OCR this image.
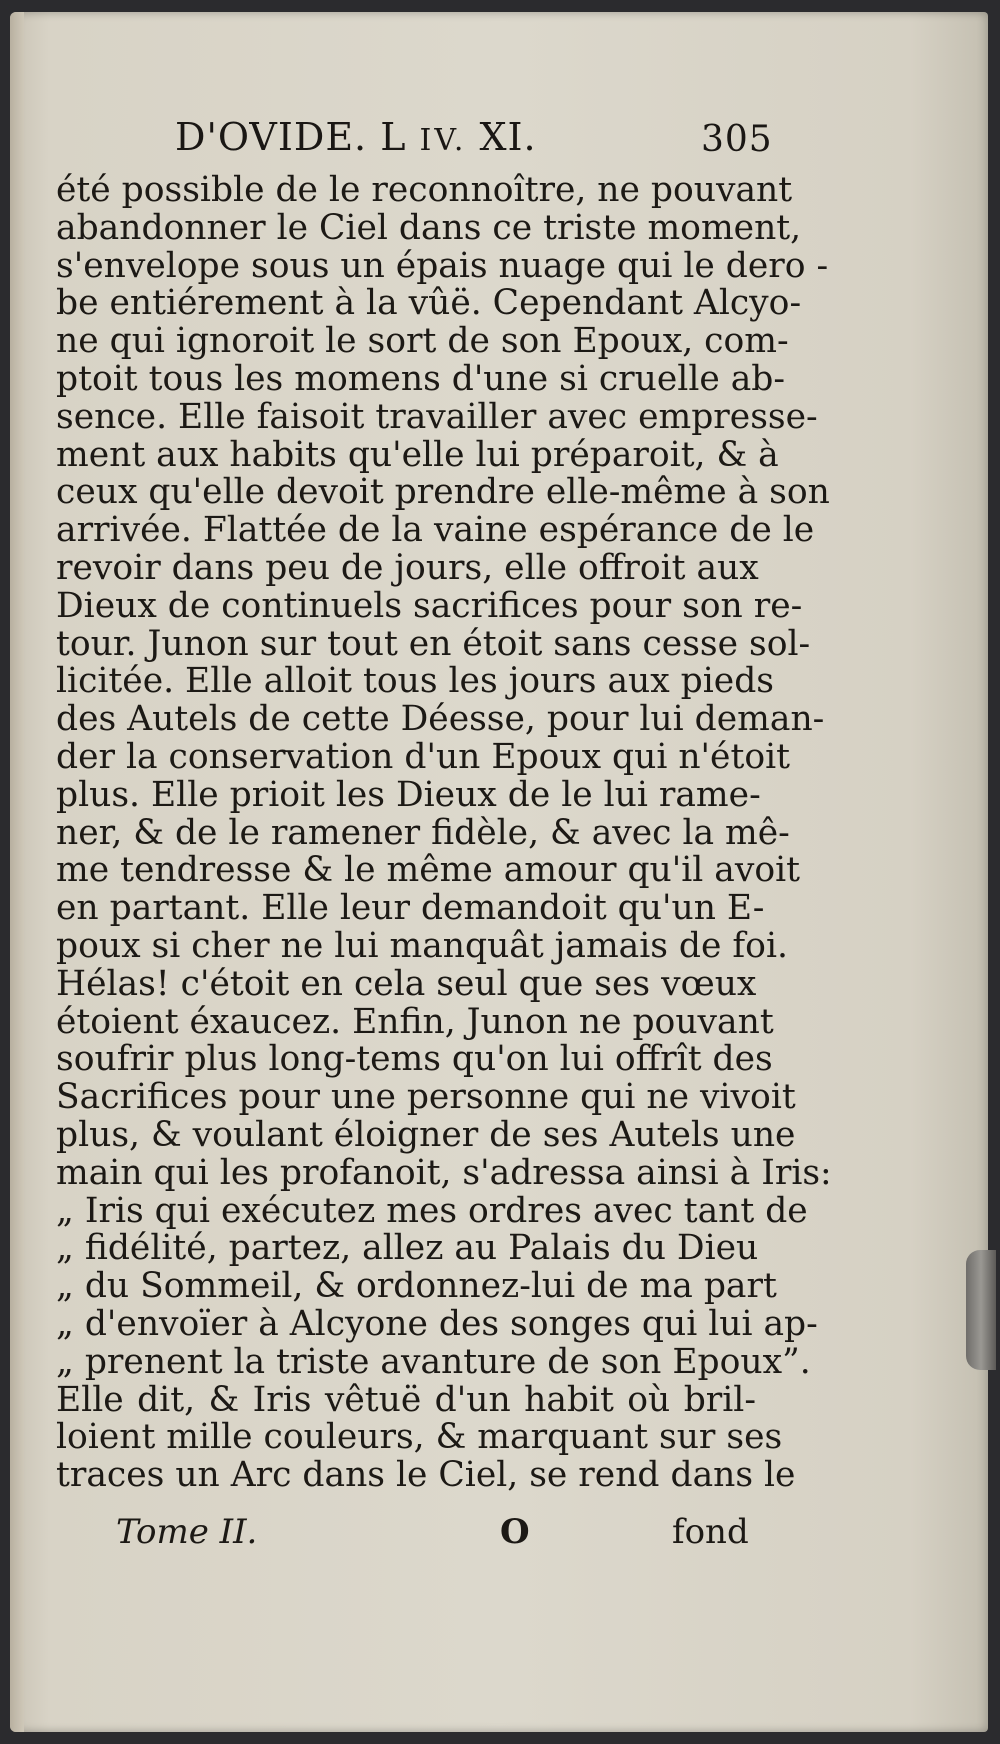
D'OVIDE. L IV. XI.	305
été possible de le reconnoître, ne pouvant
abandonner le Ciel dans ce triste moment,
s'envelope sous un épais nuage qui le dero -
be entiérement à la vûë. Cependant Alcyo-
ne qui ignoroit le sort de son Epoux, com-
ptoit tous les momens d'une si cruelle ab-
sence. Elle faisoit travailler avec empresse-
ment aux habits qu'elle lui préparoit, & à
ceux qu'elle devoit prendre elle-même à son
arrivée. Flattée de la vaine espérance de le
revoir dans peu de jours, elle offroit aux
Dieux de continuels sacrifices pour son re-
tour. Junon sur tout en étoit sans cesse sol-
licitée. Elle alloit tous les jours aux pieds
des Autels de cette Déesse, pour lui deman-
der la conservation d'un Epoux qui n'étoit
plus. Elle prioit les Dieux de le lui rame-
ner, & de le ramener fidèle, & avec la mê-
me tendresse & le même amour qu'il avoit
en partant. Elle leur demandoit qu'un E-
poux si cher ne lui manquât jamais de foi.
Hélas! c'étoit en cela seul que ses vœux
étoient éxaucez. Enfin, Junon ne pouvant
soufrir plus long-tems qu'on lui offrît des
Sacrifices pour une personne qui ne vivoit
plus, & voulant éloigner de ses Autels une
main qui les profanoit, s'adressa ainsi à Iris:
„ Iris qui exécutez mes ordres avec tant de
„ fidélité, partez, allez au Palais du Dieu
„ du Sommeil, & ordonnez-lui de ma part
„ d'envoïer à Alcyone des songes qui lui ap-
„ prenent la triste avanture de son Epoux”.
Elle dit, & Iris vêtuë d'un habit où bril-
loient mille couleurs, & marquant sur ses
traces un Arc dans le Ciel, se rend dans le
Tome II.	O	fond
